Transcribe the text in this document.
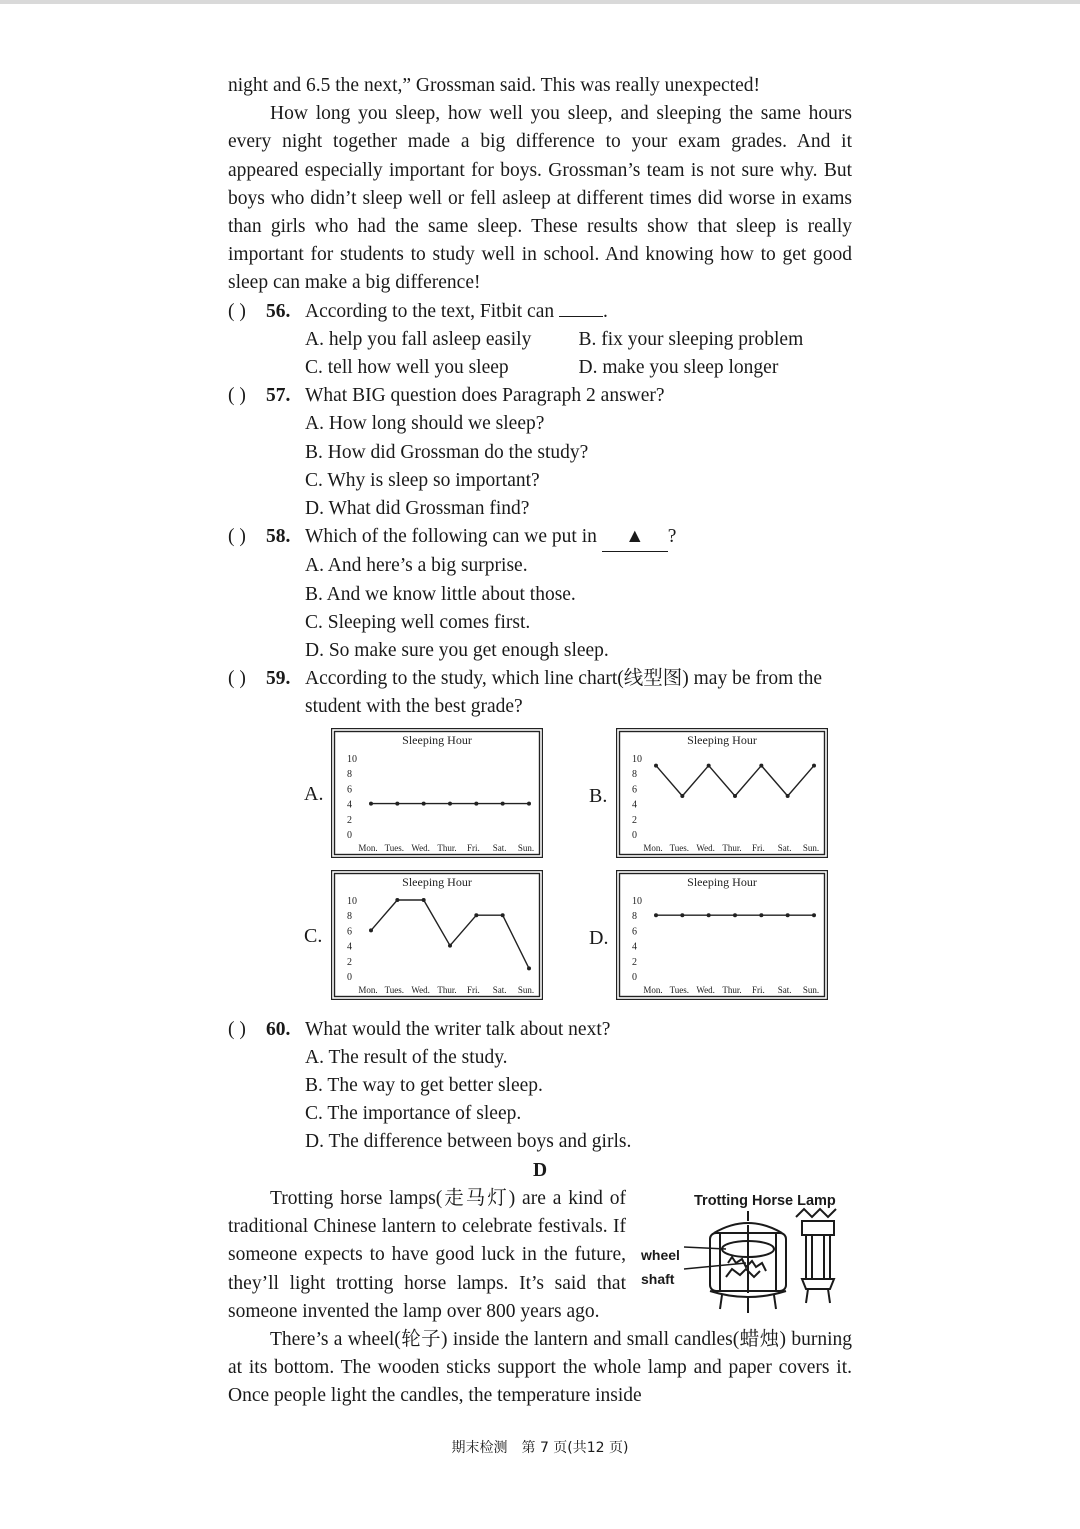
night and 6.5 the next,” Grossman said. This was really unexpected!

How long you sleep, how well you sleep, and sleeping the same hours every night together made a big difference to your exam grades. And it appeared especially important for boys. Grossman’s team is not sure why. But boys who didn’t sleep well or fell asleep at different times did worse in exams than girls who had the same sleep. These results show that sleep is really important for students to study well in school. And knowing how to get good sleep can make a big difference!

( )	56. According to the text, Fitbit can	.
A. help you fall asleep easily	B. fix your sleeping problem
C. tell how well you sleep	D. make you sleep longer
( )	57. What BIG question does Paragraph 2 answer?
A. How long should we sleep?
B. How did Grossman do the study?
C. Why is sleep so important?
D. What did Grossman find?
( )	58. Which of the following can we put in ▲ ?
A. And here’s a big surprise.
B. And we know little about those.
C. Sleeping well comes first.
D. So make sure you get enough sleep.
( )	59. According to the study, which line chart(线型图) may be from the student with the best grade?
A.
Sleeping Hour
10
8
6
4
2
0
Mon. Tues. Wed. Thur. Fri. Sat. Sun.
B.
Sleeping Hour
10
8
6
4
2
0
Mon. Tues. Wed. Thur. Fri. Sat. Sun.
C.
Sleeping Hour
10
8
6
4
2
0
Mon. Tues. Wed. Thur. Fri. Sat. Sun.
D.
Sleeping Hour
10
8
6
4
2
0
Mon. Tues. Wed. Thur. Fri. Sat. Sun.
( )	60. What would the writer talk about next?
A. The result of the study.
B. The way to get better sleep.
C. The importance of sleep.
D. The difference between boys and girls.
D

Trotting horse lamps(走马灯) are a kind of traditional Chinese lantern to celebrate festivals. If someone expects to have good luck in the future, they’ll light trotting horse lamps. It’s said that someone invented the lamp over 800 years ago.

Trotting Horse Lamp
wheel
shaft

There’s a wheel(轮子) inside the lantern and small candles(蜡烛) burning at its bottom. The wooden sticks support the whole lamp and paper covers it. Once people light the candles, the temperature inside

期末检测　第 7 页(共12 页)
